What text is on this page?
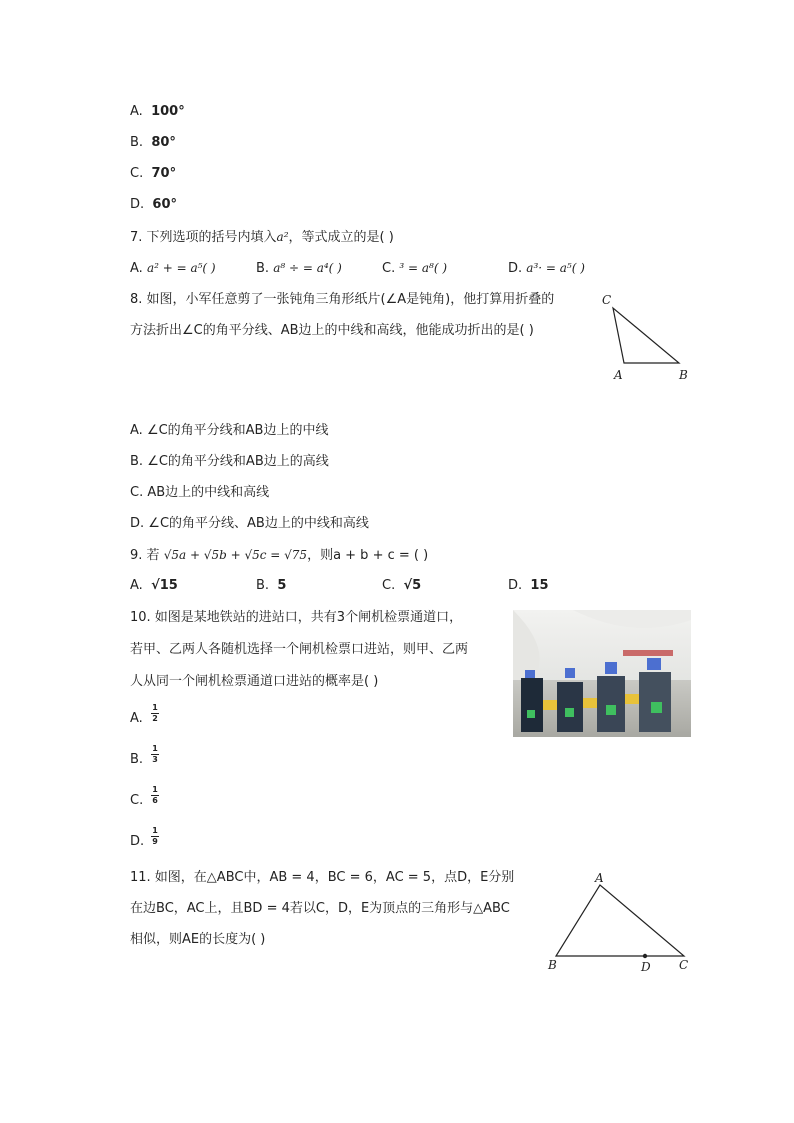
A. 100°
B. 80°
C. 70°
D. 60°
7. 下列选项的括号内填入a²，等式成立的是( )
A. a² + = a⁵( )	B. a⁸ ÷ = a⁴( )	C. ³ = a⁸( )	D. a³· = a⁵( )
8. 如图，小军任意剪了一张钝角三角形纸片(∠A是钝角)，他打算用折叠的
方法折出∠C的角平分线、AB边上的中线和高线，他能成功折出的是( )
C
A	B
A. ∠C的角平分线和AB边上的中线
B. ∠C的角平分线和AB边上的高线
C. AB边上的中线和高线
D. ∠C的角平分线、AB边上的中线和高线
9. 若 √5a + √5b + √5c = √75，则a + b + c = ( )
A. √15	B. 5	C. √5	D. 15
10. 如图是某地铁站的进站口，共有3个闸机检票通道口，
若甲、乙两人各随机选择一个闸机检票口进站，则甲、乙两
人从同一个闸机检票通道口进站的概率是( )
A.
1
2
B.
1
3
C.
1
6
D.
1
9
11. 如图，在△ABC中，AB = 4，BC = 6，AC = 5，点D，E分别
在边BC，AC上，且BD = 4若以C，D，E为顶点的三角形与△ABC
相似，则AE的长度为( )
A
B	C
D
